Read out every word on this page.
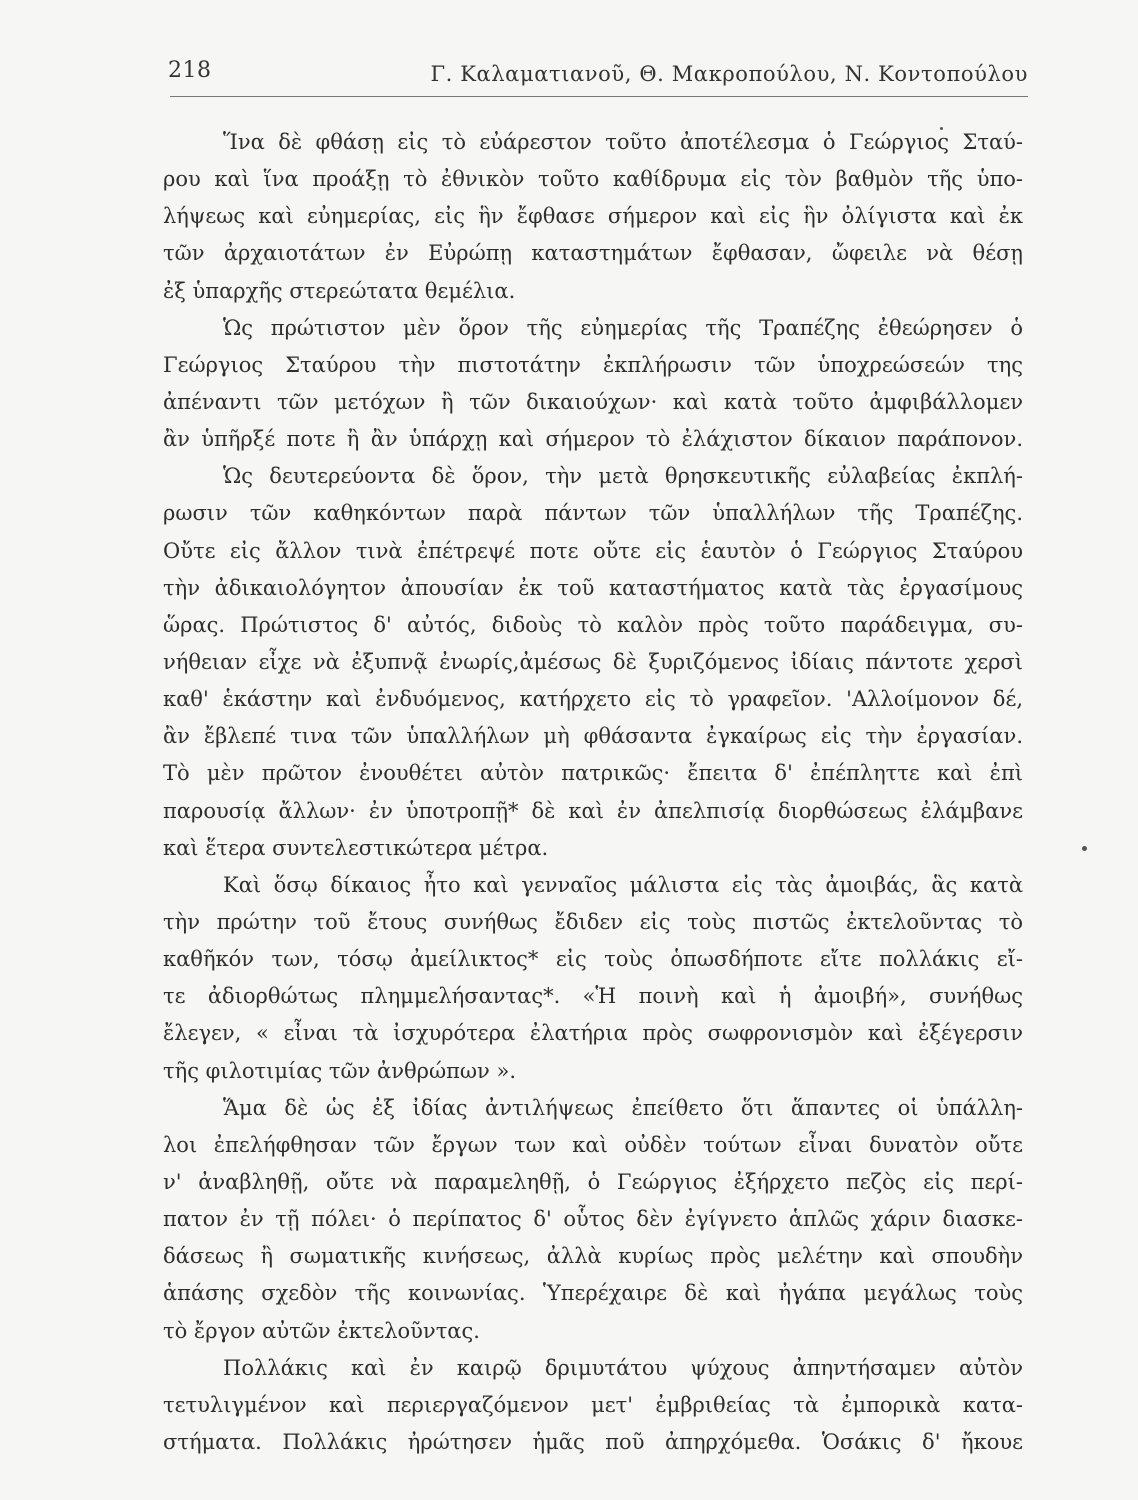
218	Γ. Καλαματιανοῦ, Θ. Μακροπούλου, Ν. Κοντοπούλου
Ἵνα δὲ φθάσῃ εἰς τὸ εὐάρεστον τοῦτο ἀποτέλεσμα ὁ Γεώργιος Σταύ-
ρου καὶ ἵνα προάξῃ τὸ ἐθνικὸν τοῦτο καθίδρυμα εἰς τὸν βαθμὸν τῆς ὑπο-
λήψεως καὶ εὐημερίας, εἰς ἣν ἔφθασε σήμερον καὶ εἰς ἣν ὀλίγιστα καὶ ἐκ
τῶν ἀρχαιοτάτων ἐν Εὐρώπῃ καταστημάτων ἔφθασαν, ὤφειλε νὰ θέσῃ
ἐξ ὑπαρχῆς στερεώτατα θεμέλια.
Ὡς πρώτιστον μὲν ὅρον τῆς εὐημερίας τῆς Τραπέζης ἐθεώρησεν ὁ
Γεώργιος Σταύρου τὴν πιστοτάτην ἐκπλήρωσιν τῶν ὑποχρεώσεών της
ἀπέναντι τῶν μετόχων ἢ τῶν δικαιούχων· καὶ κατὰ τοῦτο ἀμφιβάλλομεν
ἂν ὑπῆρξέ ποτε ἢ ἂν ὑπάρχῃ καὶ σήμερον τὸ ἐλάχιστον δίκαιον παράπονον.
Ὡς δευτερεύοντα δὲ ὅρον, τὴν μετὰ θρησκευτικῆς εὐλαβείας ἐκπλή-
ρωσιν τῶν καθηκόντων παρὰ πάντων τῶν ὑπαλλήλων τῆς Τραπέζης.
Οὔτε εἰς ἄλλον τινὰ ἐπέτρεψέ ποτε οὔτε εἰς ἑαυτὸν ὁ Γεώργιος Σταύρου
τὴν ἀδικαιολόγητον ἀπουσίαν ἐκ τοῦ καταστήματος κατὰ τὰς ἐργασίμους
ὥρας. Πρώτιστος δ' αὐτός, διδοὺς τὸ καλὸν πρὸς τοῦτο παράδειγμα, συ-
νήθειαν εἶχε νὰ ἐξυπνᾷ ἐνωρίς,ἀμέσως δὲ ξυριζόμενος ἰδίαις πάντοτε χερσὶ
καθ' ἑκάστην καὶ ἐνδυόμενος, κατήρχετο εἰς τὸ γραφεῖον. 'Αλλοίμονον δέ,
ἂν ἔβλεπέ τινα τῶν ὑπαλλήλων μὴ φθάσαντα ἐγκαίρως εἰς τὴν ἐργασίαν.
Τὸ μὲν πρῶτον ἐνουθέτει αὐτὸν πατρικῶς· ἔπειτα δ' ἐπέπληττε καὶ ἐπὶ
παρουσίᾳ ἄλλων· ἐν ὑποτροπῇ* δὲ καὶ ἐν ἀπελπισίᾳ διορθώσεως ἐλάμβανε
καὶ ἕτερα συντελεστικώτερα μέτρα.
Καὶ ὅσῳ δίκαιος ἦτο καὶ γενναῖος μάλιστα εἰς τὰς ἀμοιβάς, ἃς κατὰ
τὴν πρώτην τοῦ ἔτους συνήθως ἔδιδεν εἰς τοὺς πιστῶς ἐκτελοῦντας τὸ
καθῆκόν των, τόσῳ ἀμείλικτος* εἰς τοὺς ὁπωσδήποτε εἴτε πολλάκις εἴ-
τε ἀδιορθώτως πλημμελήσαντας*. «Ἡ ποινὴ καὶ ἡ ἀμοιβή», συνήθως
ἔλεγεν, « εἶναι τὰ ἰσχυρότερα ἐλατήρια πρὸς σωφρονισμὸν καὶ ἐξέγερσιν
τῆς φιλοτιμίας τῶν ἀνθρώπων ».
Ἅμα δὲ ὡς ἐξ ἰδίας ἀντιλήψεως ἐπείθετο ὅτι ἅπαντες οἱ ὑπάλλη-
λοι ἐπελήφθησαν τῶν ἔργων των καὶ οὐδὲν τούτων εἶναι δυνατὸν οὔτε
ν' ἀναβληθῇ, οὔτε νὰ παραμεληθῇ, ὁ Γεώργιος ἐξήρχετο πεζὸς εἰς περί-
πατον ἐν τῇ πόλει· ὁ περίπατος δ' οὗτος δὲν ἐγίγνετο ἁπλῶς χάριν διασκε-
δάσεως ἢ σωματικῆς κινήσεως, ἀλλὰ κυρίως πρὸς μελέτην καὶ σπουδὴν
ἁπάσης σχεδὸν τῆς κοινωνίας. Ὑπερέχαιρε δὲ καὶ ἠγάπα μεγάλως τοὺς
τὸ ἔργον αὐτῶν ἐκτελοῦντας.
Πολλάκις καὶ ἐν καιρῷ δριμυτάτου ψύχους ἀπηντήσαμεν αὐτὸν
τετυλιγμένον καὶ περιεργαζόμενον μετ' ἐμβριθείας τὰ ἐμπορικὰ κατα-
στήματα. Πολλάκις ἠρώτησεν ἡμᾶς ποῦ ἀπηρχόμεθα. Ὁσάκις δ' ἤκουε
